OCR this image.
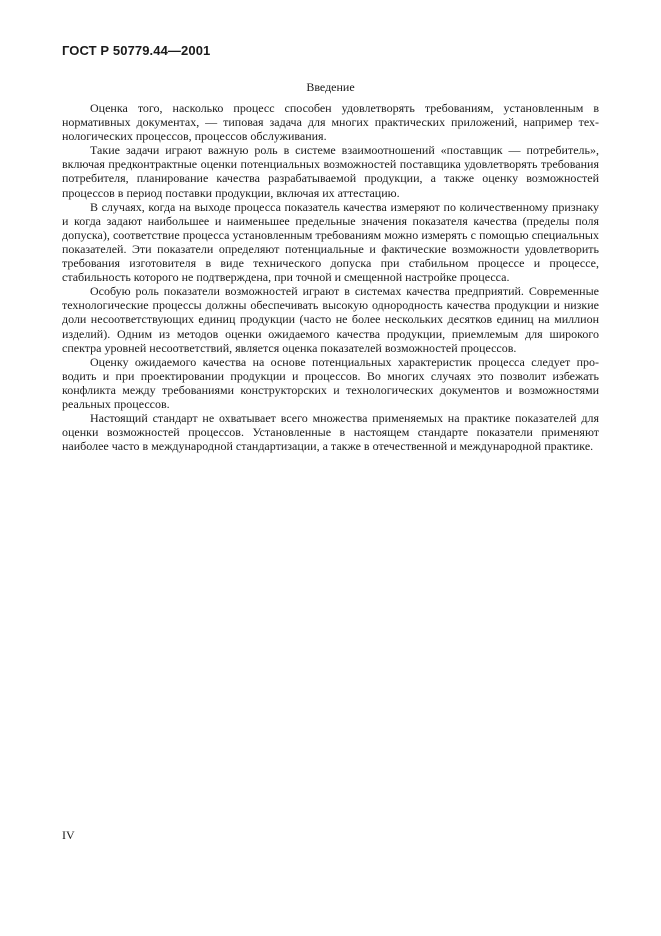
ГОСТ Р 50779.44—2001
Введение

Оценка того, насколько процесс способен удовлетворять требованиям, установленным в нормативных документах, — типовая задача для многих практических приложений, например технологических процессов, процессов обслуживания.

Такие задачи играют важную роль в системе взаимоотношений «поставщик — потребитель», включая предконтрактные оценки потенциальных возможностей поставщика удовлетворять требования потребителя, планирование качества разрабатываемой продукции, а также оценку возможностей процессов в период поставки продукции, включая их аттестацию.

В случаях, когда на выходе процесса показатель качества измеряют по количественному признаку и когда задают наибольшее и наименьшее предельные значения показателя качества (пределы поля допуска), соответствие процесса установленным требованиям можно измерять с помощью специальных показателей. Эти показатели определяют потенциальные и фактические возможности удовлетворить требования изготовителя в виде технического допуска при стабильном процессе и процессе, стабильность которого не подтверждена, при точной и смещенной настройке процесса.

Особую роль показатели возможностей играют в системах качества предприятий. Современные технологические процессы должны обеспечивать высокую однородность качества продукции и низкие доли несоответствующих единиц продукции (часто не более нескольких десятков единиц на миллион изделий). Одним из методов оценки ожидаемого качества продукции, приемлемым для широкого спектра уровней несоответствий, является оценка показателей возможностей процессов.

Оценку ожидаемого качества на основе потенциальных характеристик процесса следует проводить и при проектировании продукции и процессов. Во многих случаях это позволит избежать конфликта между требованиями конструкторских и технологических документов и возможностями реальных процессов.

Настоящий стандарт не охватывает всего множества применяемых на практике показателей для оценки возможностей процессов. Установленные в настоящем стандарте показатели применяют наиболее часто в международной стандартизации, а также в отечественной и международной практике.

IV
